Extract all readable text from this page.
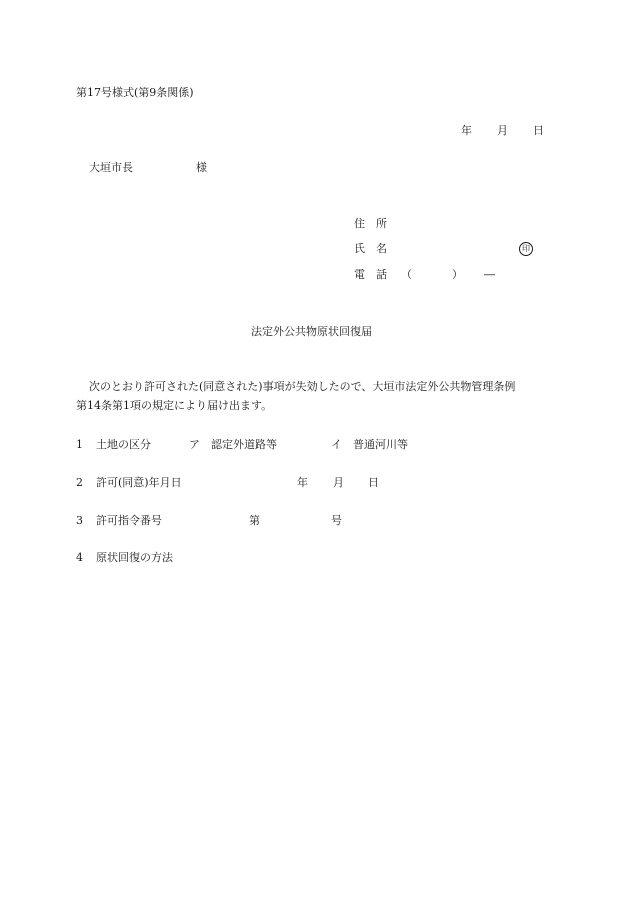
第17号様式(第9条関係)
年 月 日
大垣市長	様
住　所
氏　名	印
電　話 （	） ―
法定外公共物原状回復届
次のとおり許可された(同意された)事項が失効したので、大垣市法定外公共物管理条例
第14条第1項の規定により届け出ます。
1 土地の区分	ア　認定外道路等	イ　普通河川等
2 許可(同意)年月日	年 月 日
3 許可指令番号	第	号
4 原状回復の方法
